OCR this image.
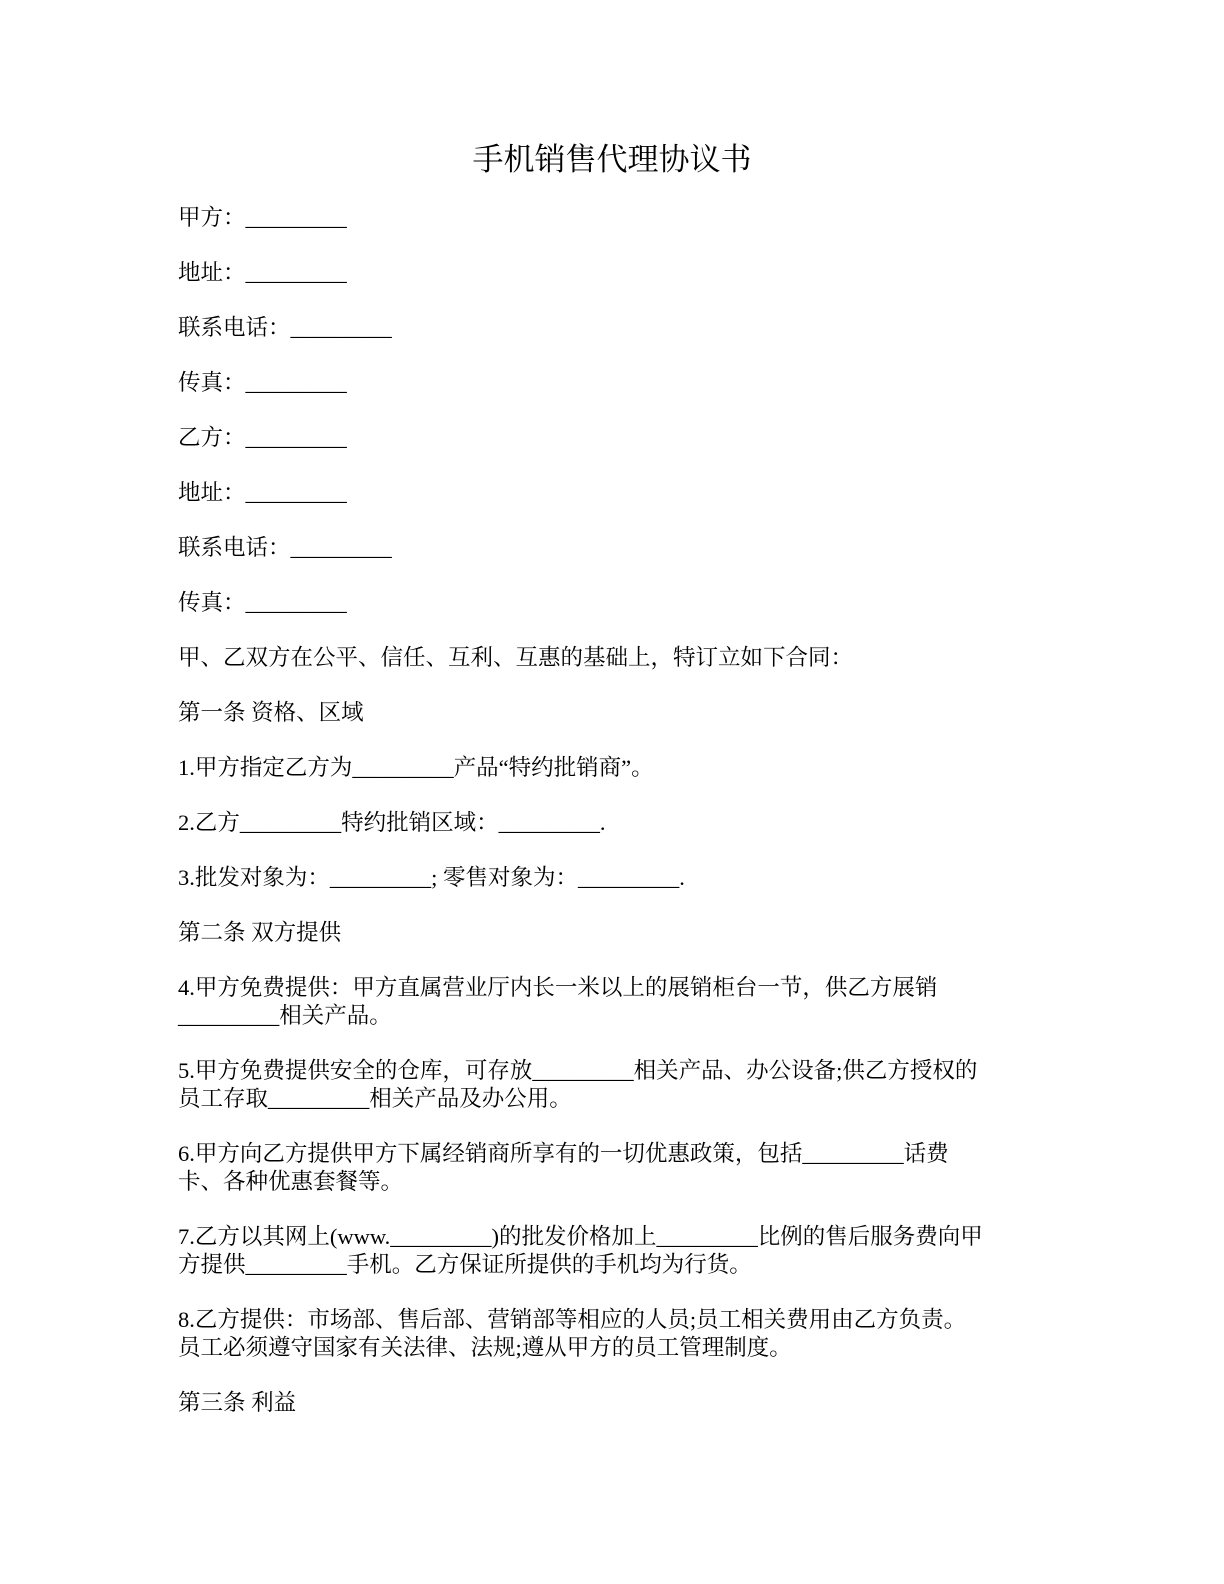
手机销售代理协议书

甲方：_________

地址：_________

联系电话：_________

传真：_________

乙方：_________

地址：_________

联系电话：_________

传真：_________

甲、乙双方在公平、信任、互利、互惠的基础上，特订立如下合同：

第一条 资格、区域

1.甲方指定乙方为_________产品“特约批销商”。

2.乙方_________特约批销区域：_________.

3.批发对象为：_________; 零售对象为：_________.

第二条 双方提供

4.甲方免费提供：甲方直属营业厅内长一米以上的展销柜台一节，供乙方展销
_________相关产品。

5.甲方免费提供安全的仓库，可存放_________相关产品、办公设备;供乙方授权的
员工存取_________相关产品及办公用。

6.甲方向乙方提供甲方下属经销商所享有的一切优惠政策，包括_________话费
卡、各种优惠套餐等。

7.乙方以其网上(www._________)的批发价格加上_________比例的售后服务费向甲
方提供_________手机。乙方保证所提供的手机均为行货。

8.乙方提供：市场部、售后部、营销部等相应的人员;员工相关费用由乙方负责。
员工必须遵守国家有关法律、法规;遵从甲方的员工管理制度。

第三条 利益
